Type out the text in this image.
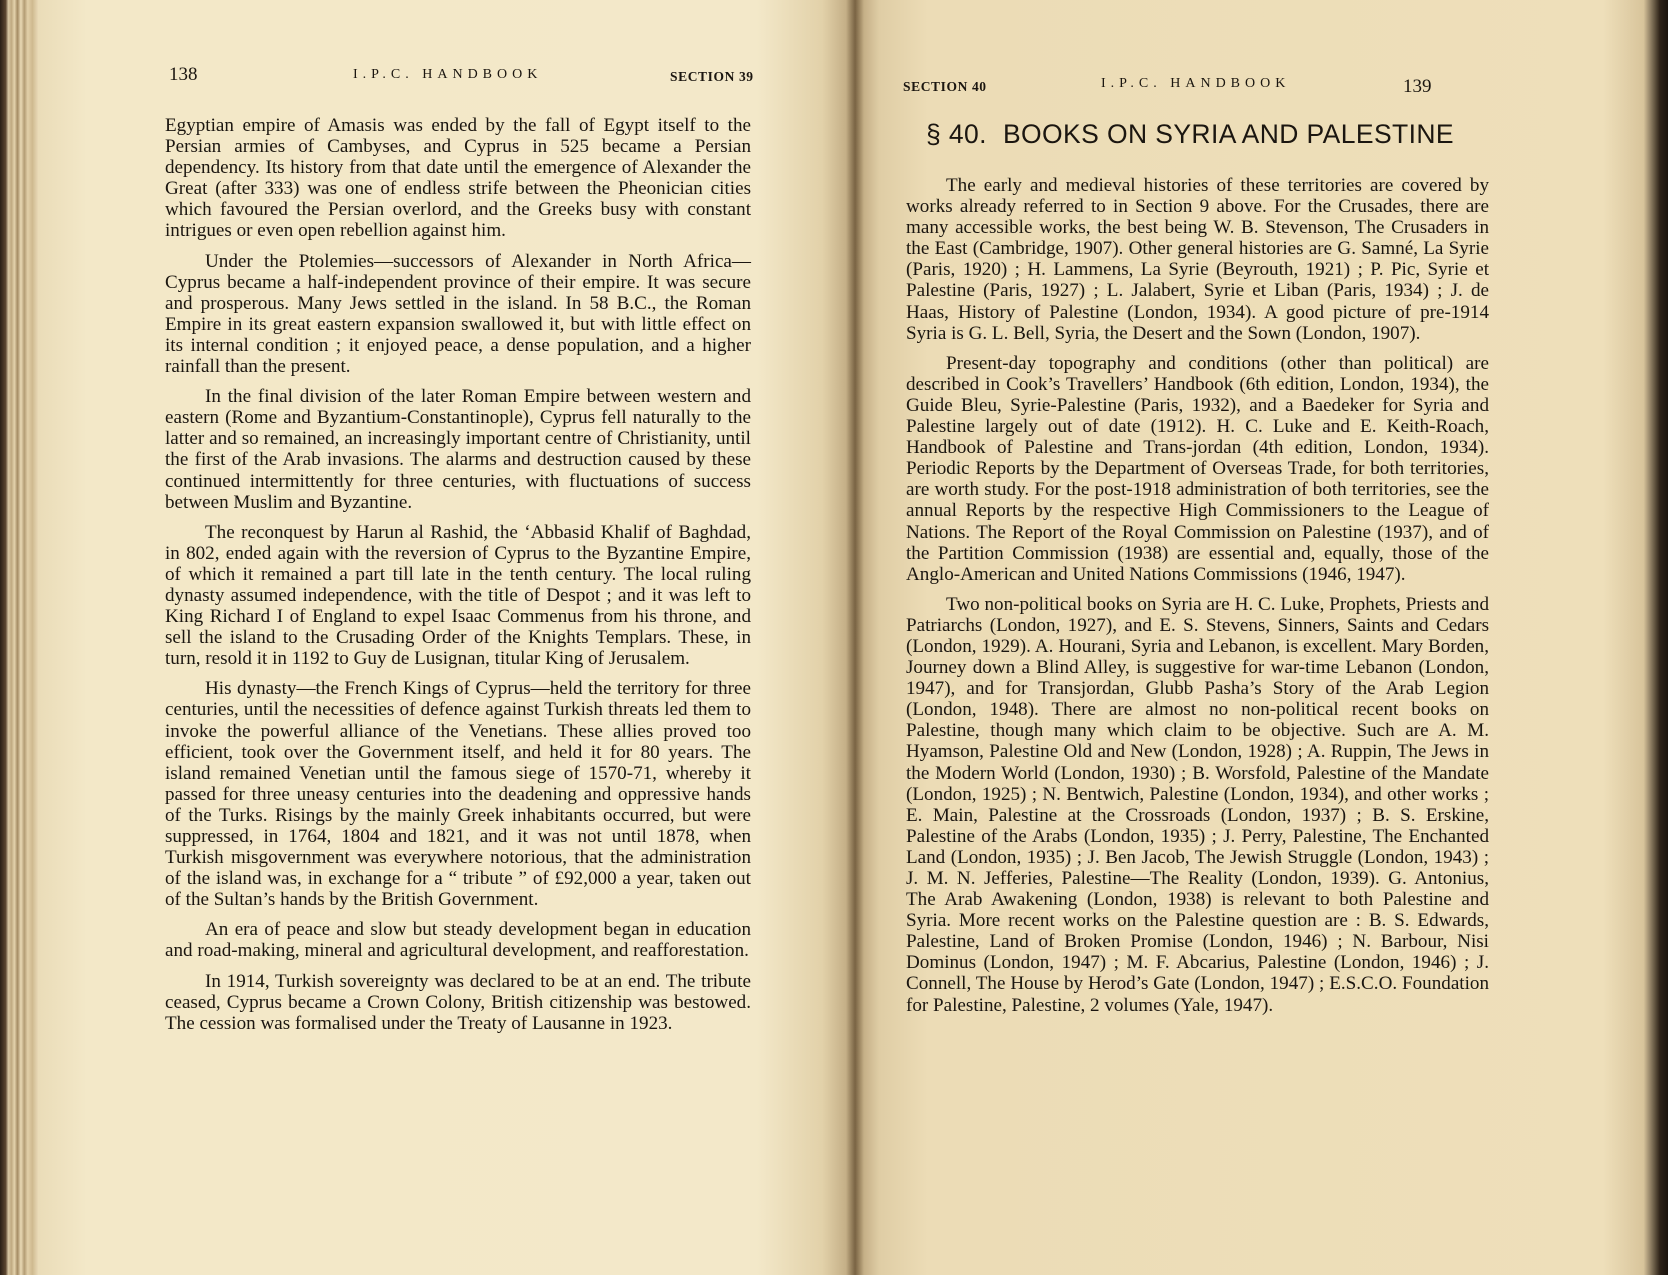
138	I.P.C. HANDBOOK	SECTION 39

Egyptian empire of Amasis was ended by the fall of Egypt itself to the Persian armies of Cambyses, and Cyprus in 525 became a Persian dependency. Its history from that date until the emergence of Alexander the Great (after 333) was one of endless strife between the Pheonician cities which favoured the Persian overlord, and the Greeks busy with constant intrigues or even open rebellion against him.

Under the Ptolemies—successors of Alexander in North Africa—Cyprus became a half-independent province of their empire. It was secure and prosperous. Many Jews settled in the island. In 58 B.C., the Roman Empire in its great eastern expansion swallowed it, but with little effect on its internal condition ; it enjoyed peace, a dense population, and a higher rainfall than the present.

In the final division of the later Roman Empire between western and eastern (Rome and Byzantium-Constantinople), Cyprus fell naturally to the latter and so remained, an increasingly important centre of Christianity, until the first of the Arab invasions. The alarms and destruction caused by these continued intermittently for three centuries, with fluctuations of success between Muslim and Byzantine.

The reconquest by Harun al Rashid, the ‘Abbasid Khalif of Baghdad, in 802, ended again with the reversion of Cyprus to the Byzantine Empire, of which it remained a part till late in the tenth century. The local ruling dynasty assumed independence, with the title of Despot ; and it was left to King Richard I of England to expel Isaac Commenus from his throne, and sell the island to the Crusading Order of the Knights Templars. These, in turn, resold it in 1192 to Guy de Lusignan, titular King of Jerusalem.

His dynasty—the French Kings of Cyprus—held the territory for three centuries, until the necessities of defence against Turkish threats led them to invoke the powerful alliance of the Venetians. These allies proved too efficient, took over the Government itself, and held it for 80 years. The island remained Venetian until the famous siege of 1570-71, whereby it passed for three uneasy centuries into the deadening and oppressive hands of the Turks. Risings by the mainly Greek inhabitants occurred, but were suppressed, in 1764, 1804 and 1821, and it was not until 1878, when Turkish misgovernment was everywhere notorious, that the administration of the island was, in exchange for a “ tribute ” of £92,000 a year, taken out of the Sultan’s hands by the British Government.

An era of peace and slow but steady development began in education and road-making, mineral and agricultural development, and reafforestation.

In 1914, Turkish sovereignty was declared to be at an end. The tribute ceased, Cyprus became a Crown Colony, British citizenship was bestowed. The cession was formalised under the Treaty of Lausanne in 1923.

SECTION 40	I.P.C. HANDBOOK	139

The early and medieval histories of these territories are covered by works already referred to in Section 9 above. For the Crusades, there are many accessible works, the best being W. B. Stevenson, The Crusaders in the East (Cambridge, 1907). Other general histories are G. Samné, La Syrie (Paris, 1920) ; H. Lammens, La Syrie (Beyrouth, 1921) ; P. Pic, Syrie et Palestine (Paris, 1927) ; L. Jalabert, Syrie et Liban (Paris, 1934) ; J. de Haas, History of Palestine (London, 1934). A good picture of pre-1914 Syria is G. L. Bell, Syria, the Desert and the Sown (London, 1907).

Present-day topography and conditions (other than political) are described in Cook’s Travellers’ Handbook (6th edition, London, 1934), the Guide Bleu, Syrie-Palestine (Paris, 1932), and a Baedeker for Syria and Palestine largely out of date (1912). H. C. Luke and E. Keith-Roach, Handbook of Palestine and Trans-jordan (4th edition, London, 1934). Periodic Reports by the Department of Overseas Trade, for both territories, are worth study. For the post-1918 administration of both territories, see the annual Reports by the respective High Commissioners to the League of Nations. The Report of the Royal Commission on Palestine (1937), and of the Partition Commission (1938) are essential and, equally, those of the Anglo-American and United Nations Commissions (1946, 1947).

Two non-political books on Syria are H. C. Luke, Prophets, Priests and Patriarchs (London, 1927), and E. S. Stevens, Sinners, Saints and Cedars (London, 1929). A. Hourani, Syria and Lebanon, is excellent. Mary Borden, Journey down a Blind Alley, is suggestive for war-time Lebanon (London, 1947), and for Transjordan, Glubb Pasha’s Story of the Arab Legion (London, 1948). There are almost no non-political recent books on Palestine, though many which claim to be objective. Such are A. M. Hyamson, Palestine Old and New (London, 1928) ; A. Ruppin, The Jews in the Modern World (London, 1930) ; B. Worsfold, Palestine of the Mandate (London, 1925) ; N. Bentwich, Palestine (London, 1934), and other works ; E. Main, Palestine at the Crossroads (London, 1937) ; B. S. Erskine, Palestine of the Arabs (London, 1935) ; J. Perry, Palestine, The Enchanted Land (London, 1935) ; J. Ben Jacob, The Jewish Struggle (London, 1943) ; J. M. N. Jefferies, Palestine—The Reality (London, 1939). G. Antonius, The Arab Awakening (London, 1938) is relevant to both Palestine and Syria. More recent works on the Palestine question are : B. S. Edwards, Palestine, Land of Broken Promise (London, 1946) ; N. Barbour, Nisi Dominus (London, 1947) ; M. F. Abcarius, Palestine (London, 1946) ; J. Connell, The House by Herod’s Gate (London, 1947) ; E.S.C.O. Foundation for Palestine, Palestine, 2 volumes (Yale, 1947).

§ 40. BOOKS ON SYRIA AND PALESTINE
